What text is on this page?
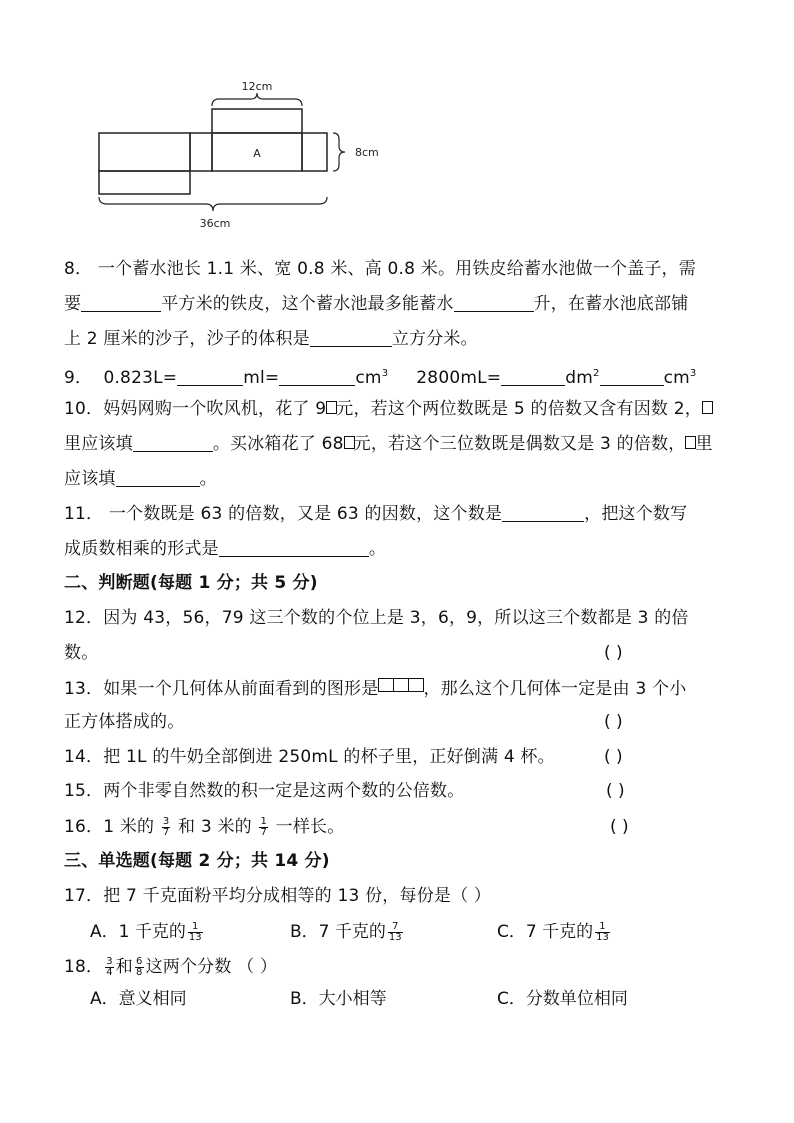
12cm
8cm
36cm
A
8． 一个蓄水池长 1.1 米、宽 0.8 米、高 0.8 米。用铁皮给蓄水池做一个盖子，需
要	平方米的铁皮，这个蓄水池最多能蓄水	升，在蓄水池底部铺
上 2 厘米的沙子，沙子的体积是	立方分米。
9． 0.823L=	ml=	$cm^3$ 2800mL=	$dm^2$	$cm^3$
10．妈妈网购一个吹风机，花了 9 元，若这个两位数既是 5 的倍数又含有因数 2，
里应该填	。买冰箱花了 68 元，若这个三位数既是偶数又是 3 的倍数， 里
应该填	。
11． 一个数既是 63 的倍数，又是 63 的因数，这个数是	，把这个数写
成质数相乘的形式是	。
二、判断题(每题 1 分；共 5 分)
12．因为 43，56，79 这三个数的个位上是 3，6，9，所以这三个数都是 3 的倍
数。	( )
13．如果一个几何体从前面看到的图形是	，那么这个几何体一定是由 3 个小
正方体搭成的。	( )
14．把 1L 的牛奶全部倒进 250mL 的杯子里，正好倒满 4 杯。	( )
15．两个非零自然数的积一定是这两个数的公倍数。	( )
16．1 米的 $\frac{3}{7}$ 和 3 米的 $\frac{1}{7}$ 一样长。	( )
三、单选题(每题 2 分；共 14 分)
17．把 7 千克面粉平均分成相等的 13 份，每份是（ ）
A．1 千克的 $\frac{1}{13}$	B．7 千克的 $\frac{7}{13}$	C．7 千克的 $\frac{1}{13}$
18． $\frac{3}{4}$ 和 $\frac{6}{8}$ 这两个分数 （ ）
A．意义相同	B．大小相等	C．分数单位相同
